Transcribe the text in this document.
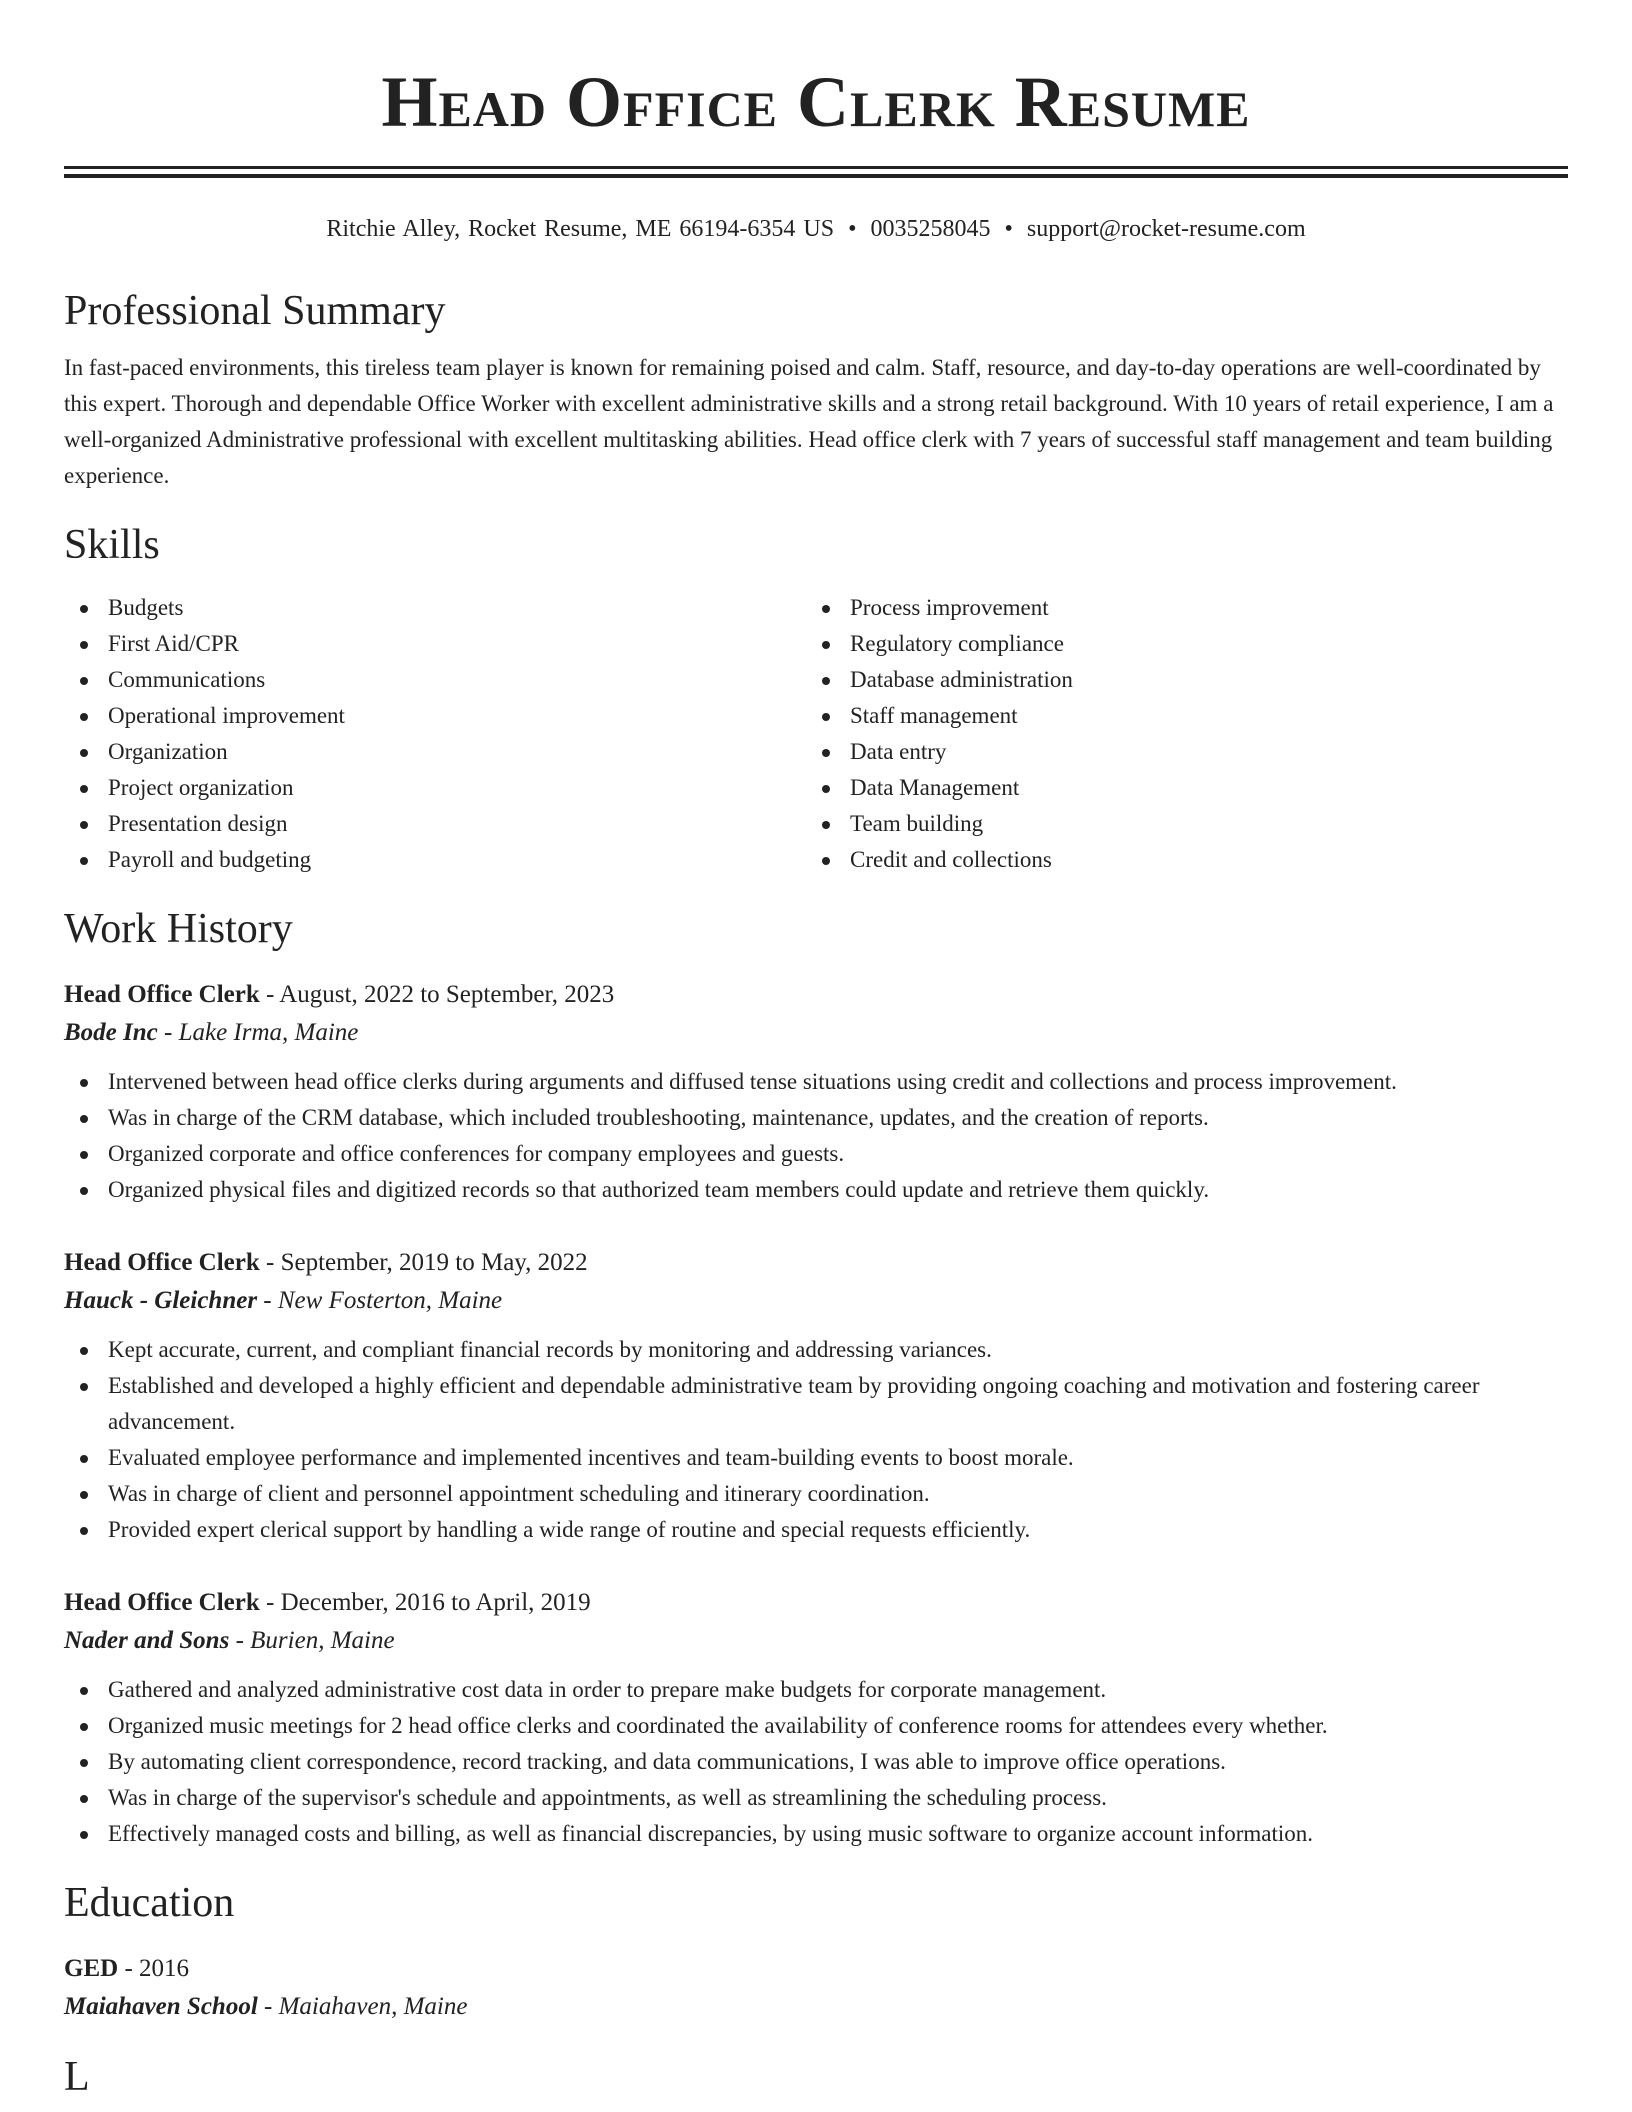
Head Office Clerk Resume
Ritchie Alley, Rocket Resume, ME 66194-6354 US • 0035258045 • support@rocket-resume.com
Professional Summary

In fast-paced environments, this tireless team player is known for remaining poised and calm. Staff, resource, and day-to-day operations are well-coordinated by this expert. Thorough and dependable Office Worker with excellent administrative skills and a strong retail background. With 10 years of retail experience, I am a well-organized Administrative professional with excellent multitasking abilities. Head office clerk with 7 years of successful staff management and team building experience.

Skills
Budgets
First Aid/CPR
Communications
Operational improvement
Organization
Project organization
Presentation design
Payroll and budgeting
Process improvement
Regulatory compliance
Database administration
Staff management
Data entry
Data Management
Team building
Credit and collections
Work History
Head Office Clerk - August, 2022 to September, 2023
Bode Inc - Lake Irma, Maine
Intervened between head office clerks during arguments and diffused tense situations using credit and collections and process improvement.
Was in charge of the CRM database, which included troubleshooting, maintenance, updates, and the creation of reports.
Organized corporate and office conferences for company employees and guests.
Organized physical files and digitized records so that authorized team members could update and retrieve them quickly.
Head Office Clerk - September, 2019 to May, 2022
Hauck - Gleichner - New Fosterton, Maine
Kept accurate, current, and compliant financial records by monitoring and addressing variances.
Established and developed a highly efficient and dependable administrative team by providing ongoing coaching and motivation and fostering career advancement.
Evaluated employee performance and implemented incentives and team-building events to boost morale.
Was in charge of client and personnel appointment scheduling and itinerary coordination.
Provided expert clerical support by handling a wide range of routine and special requests efficiently.
Head Office Clerk - December, 2016 to April, 2019
Nader and Sons - Burien, Maine
Gathered and analyzed administrative cost data in order to prepare make budgets for corporate management.
Organized music meetings for 2 head office clerks and coordinated the availability of conference rooms for attendees every whether.
By automating client correspondence, record tracking, and data communications, I was able to improve office operations.
Was in charge of the supervisor's schedule and appointments, as well as streamlining the scheduling process.
Effectively managed costs and billing, as well as financial discrepancies, by using music software to organize account information.
Education
GED - 2016
Maiahaven School - Maiahaven, Maine
L
